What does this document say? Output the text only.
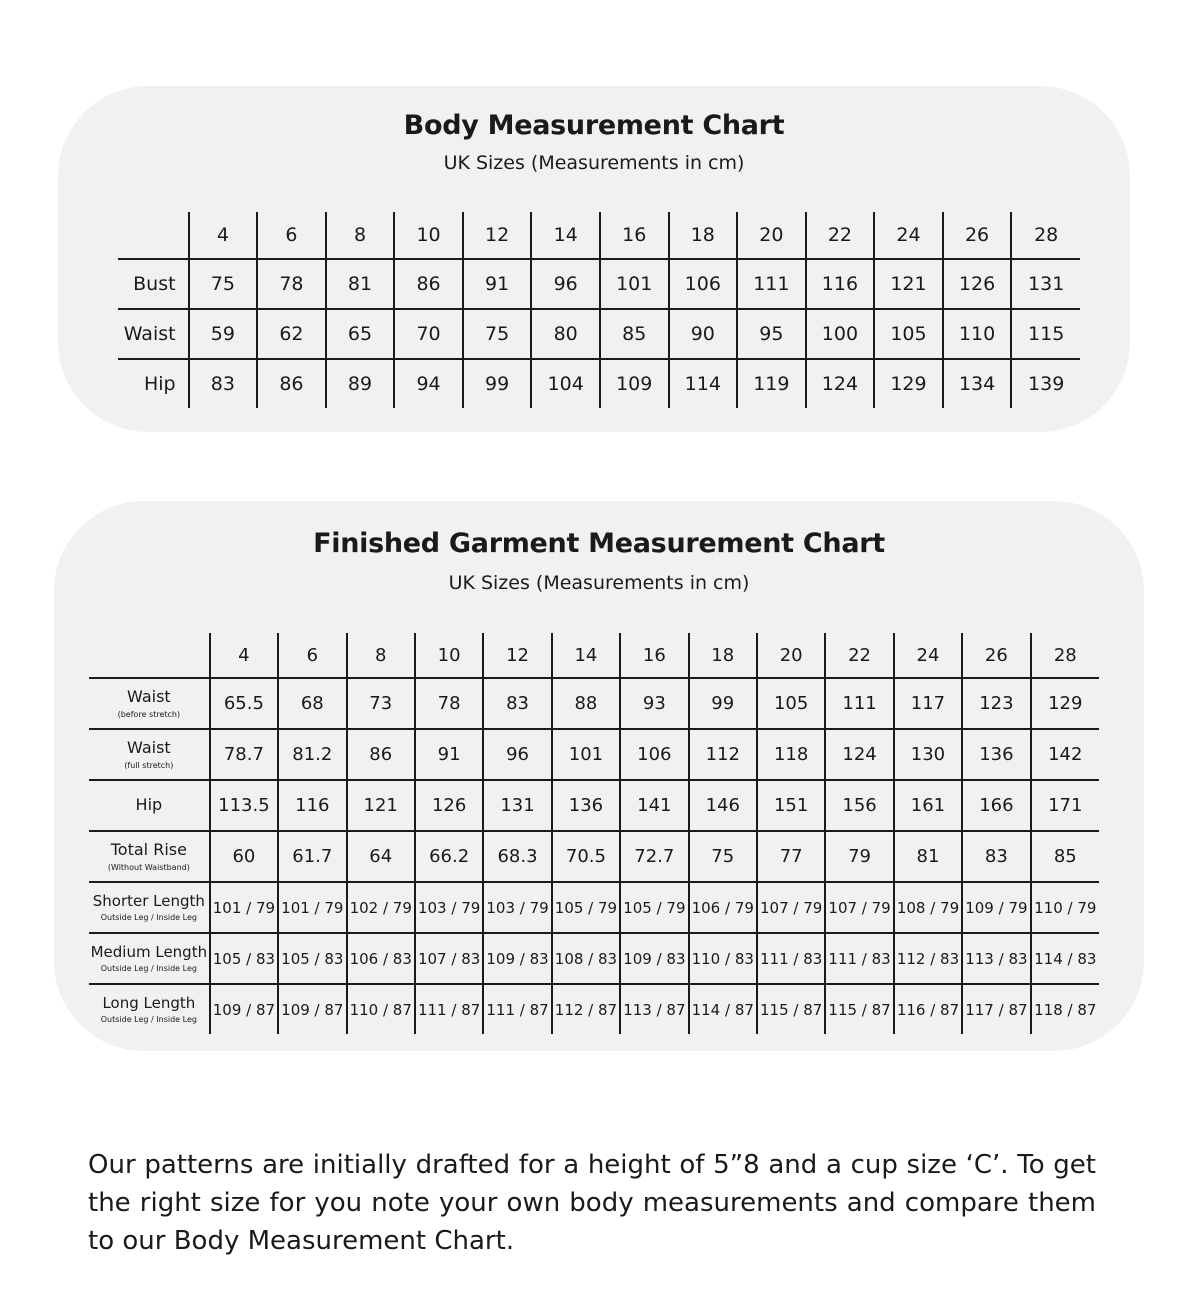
Body Measurement Chart
UK Sizes (Measurements in cm)
	4	6	8	10	12	14	16	18	20	22	24	26	28
Bust	75	78	81	86	91	96	101	106	111	116	121	126	131
Waist	59	62	65	70	75	80	85	90	95	100	105	110	115
Hip	83	86	89	94	99	104	109	114	119	124	129	134	139
Finished Garment Measurement Chart
UK Sizes (Measurements in cm)
	4	6	8	10	12	14	16	18	20	22	24	26	28
Waist
(before stretch)	65.5	68	73	78	83	88	93	99	105	111	117	123	129
Waist
(full stretch)	78.7	81.2	86	91	96	101	106	112	118	124	130	136	142
Hip	113.5	116	121	126	131	136	141	146	151	156	161	166	171
Total Rise
(Without Waistband)	60	61.7	64	66.2	68.3	70.5	72.7	75	77	79	81	83	85
Shorter Length
Outside Leg / Inside Leg	101 / 79	101 / 79	102 / 79	103 / 79	103 / 79	105 / 79	105 / 79	106 / 79	107 / 79	107 / 79	108 / 79	109 / 79	110 / 79
Medium Length
Outside Leg / Inside Leg	105 / 83	105 / 83	106 / 83	107 / 83	109 / 83	108 / 83	109 / 83	110 / 83	111 / 83	111 / 83	112 / 83	113 / 83	114 / 83
Long Length
Outside Leg / Inside Leg	109 / 87	109 / 87	110 / 87	111 / 87	111 / 87	112 / 87	113 / 87	114 / 87	115 / 87	115 / 87	116 / 87	117 / 87	118 / 87

Our patterns are initially drafted for a height of 5”8 and a cup size ‘C’. To get the right size for you note your own body measurements and compare them to our Body Measurement Chart.
